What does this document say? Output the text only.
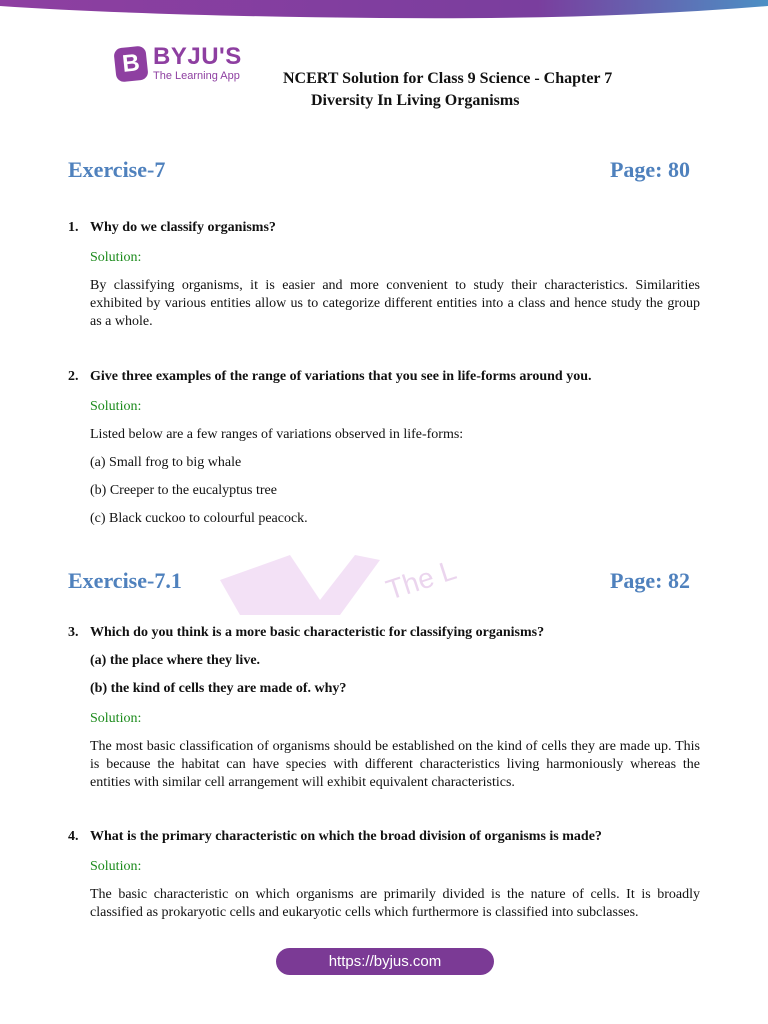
B BYJU'S
The Learning App	NCERT Solution for Class 9 Science - Chapter 7
Diversity In Living Organisms
Exercise-7	Page: 80
1. Why do we classify organisms?
Solution:
By classifying organisms, it is easier and more convenient to study their characteristics. Similarities exhibited by various entities allow us to categorize different entities into a class and hence study the group as a whole.
2. Give three examples of the range of variations that you see in life-forms around you.
Solution:
Listed below are a few ranges of variations observed in life-forms:
(a) Small frog to big whale
(b) Creeper to the eucalyptus tree
(c) Black cuckoo to colourful peacock.
The L
Exercise-7.1	Page: 82
3. Which do you think is a more basic characteristic for classifying organisms?
(a) the place where they live.
(b) the kind of cells they are made of. why?
Solution:
The most basic classification of organisms should be established on the kind of cells they are made up. This is because the habitat can have species with different characteristics living harmoniously whereas the entities with similar cell arrangement will exhibit equivalent characteristics.
4. What is the primary characteristic on which the broad division of organisms is made?
Solution:
The basic characteristic on which organisms are primarily divided is the nature of cells. It is broadly classified as prokaryotic cells and eukaryotic cells which furthermore is classified into subclasses.
https://byjus.com
